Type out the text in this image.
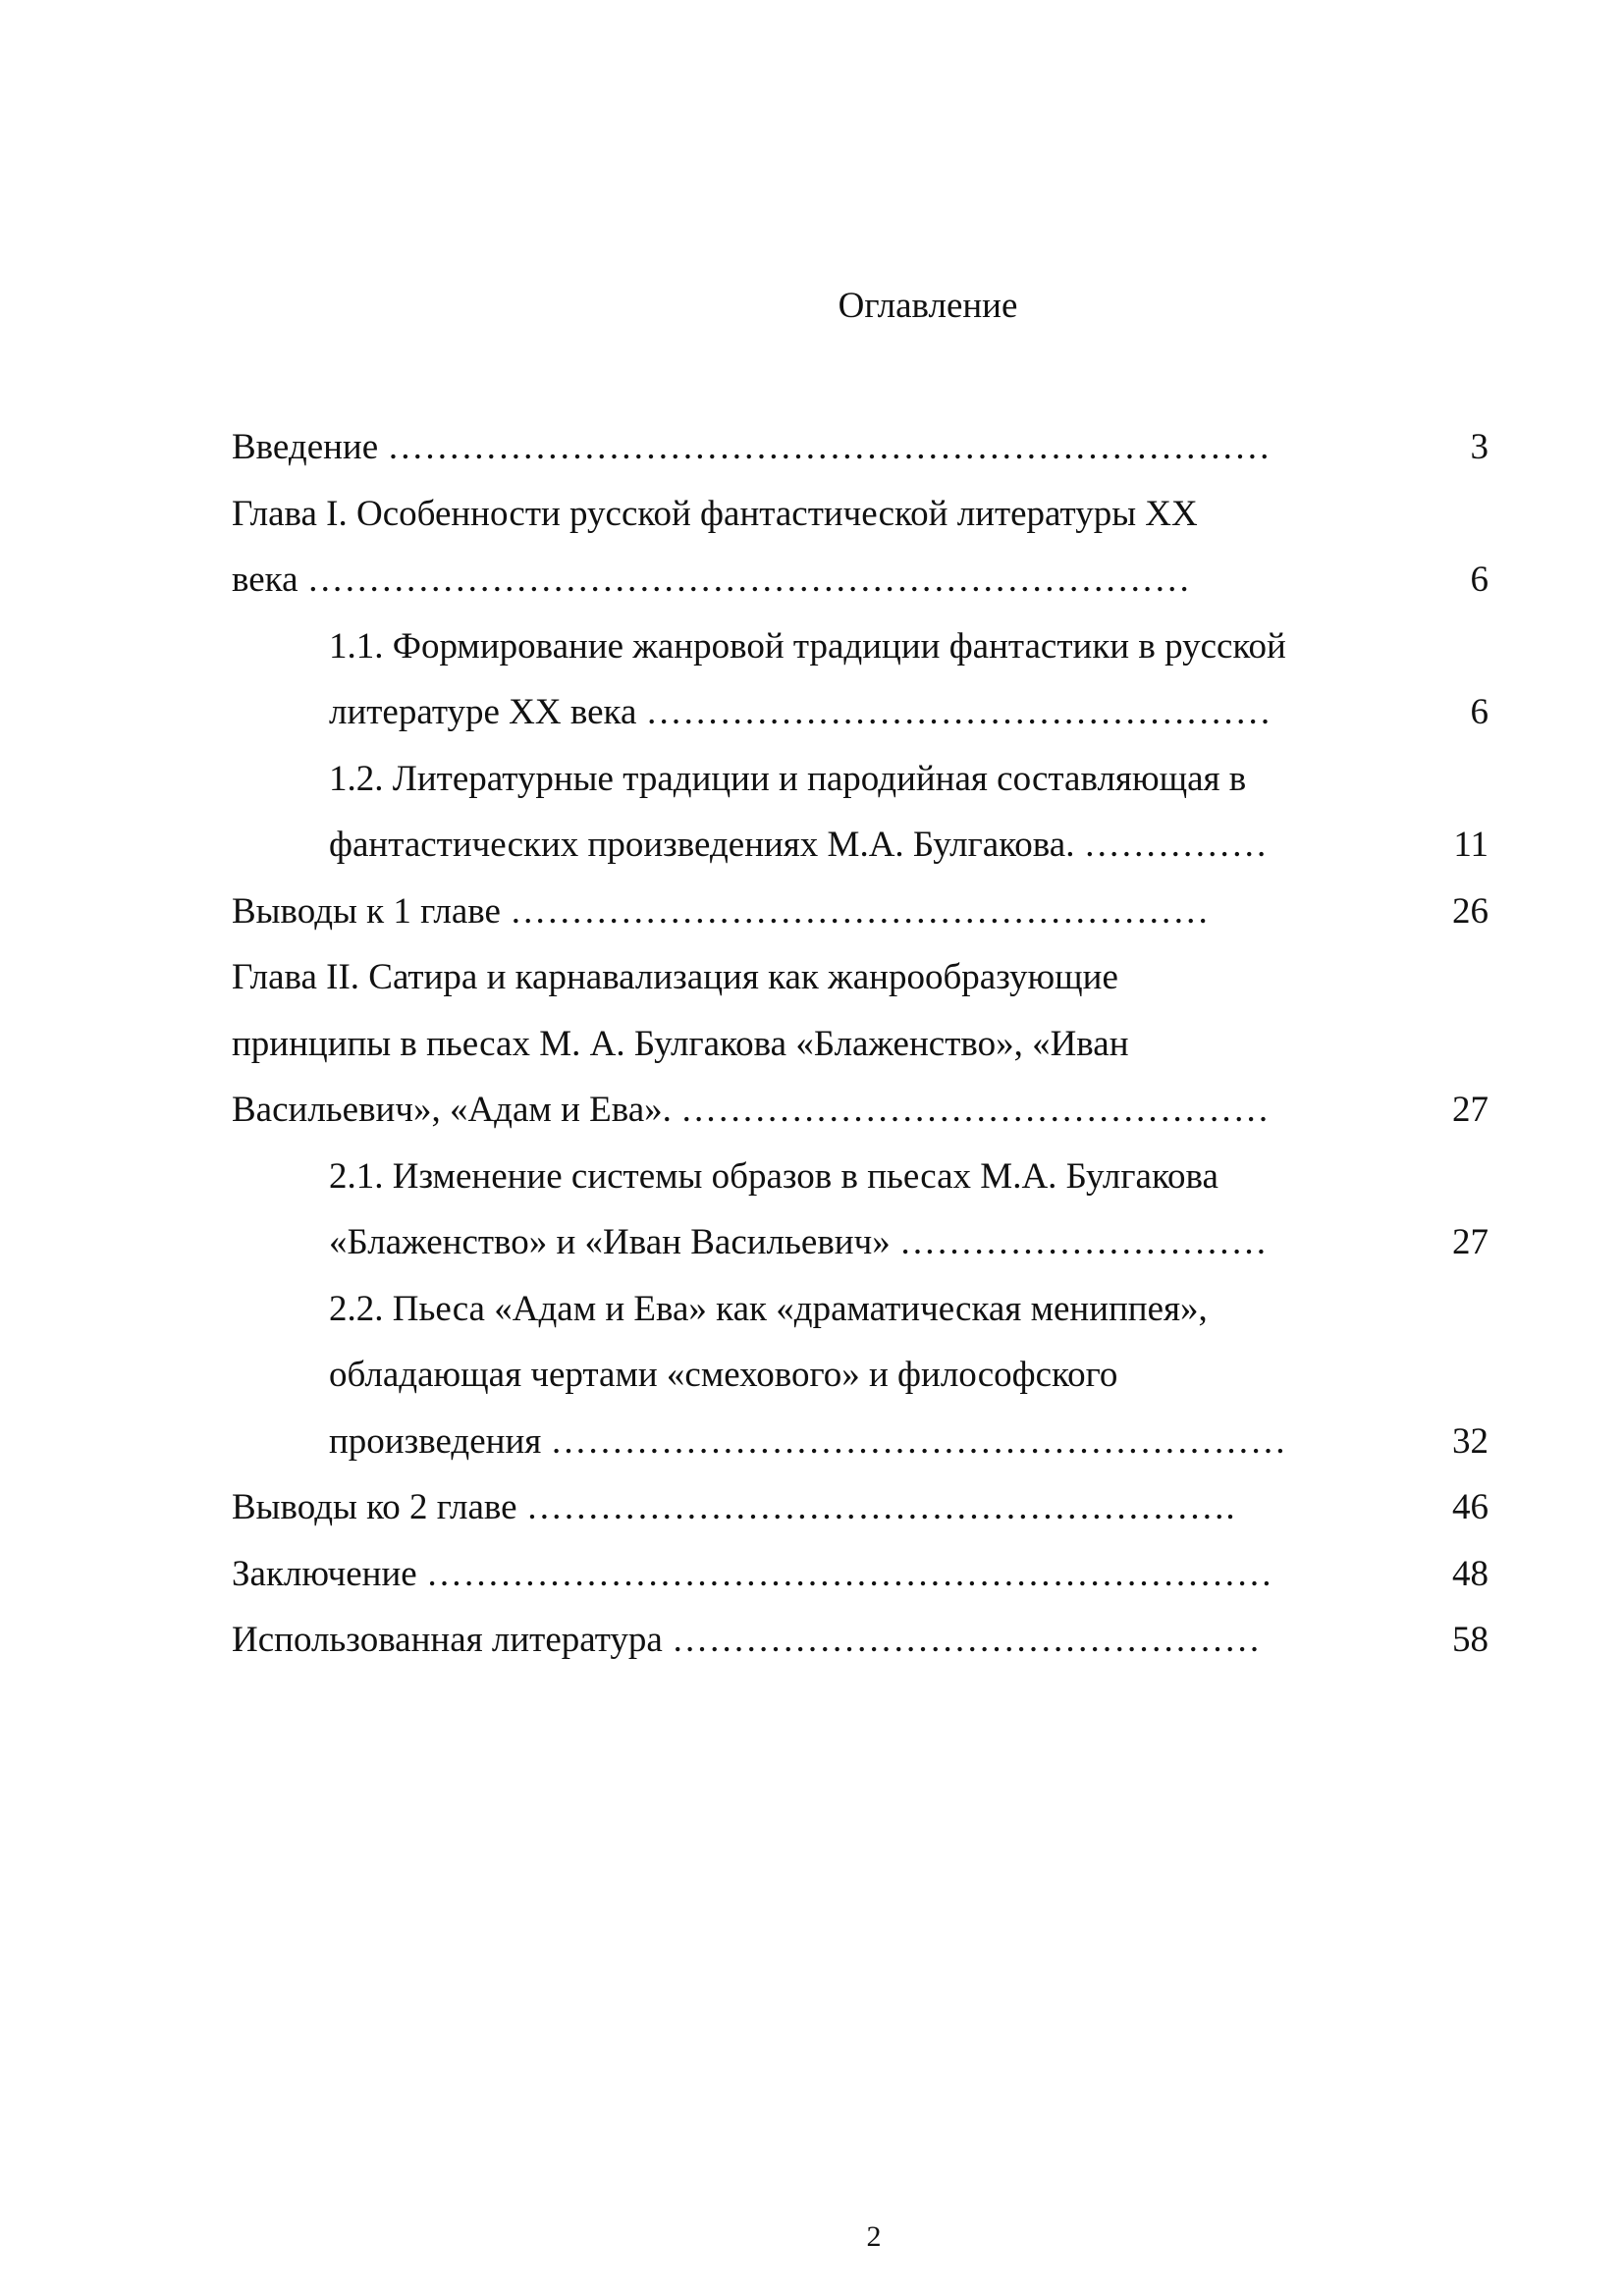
Оглавление
Введение ………………………………………………………………	3
Глава I. Особенности русской фантастической литературы XX
века ………………………………………………………………	6
1.1. Формирование жанровой традиции фантастики в русской
литературе XX века ……………………………………………	6
1.2. Литературные традиции и пародийная составляющая в
фантастических произведениях М.А. Булгакова. ……………	11
Выводы к 1 главе …………………………………………………	26
Глава II. Сатира и карнавализация как жанрообразующие
принципы в пьесах М. А. Булгакова «Блаженство», «Иван
Васильевич», «Адам и Ева». …………………………………………	27
2.1. Изменение системы образов в пьесах М.А. Булгакова
«Блаженство» и «Иван Васильевич» …………………………	27
2.2. Пьеса «Адам и Ева» как «драматическая мениппея»,
обладающая чертами «смехового» и философского
произведения ……………………………………………………	32
Выводы ко 2 главе ………………………………………………….	46
Заключение ……………………………………………………………	48
Использованная литература …………………………………………	58
2
